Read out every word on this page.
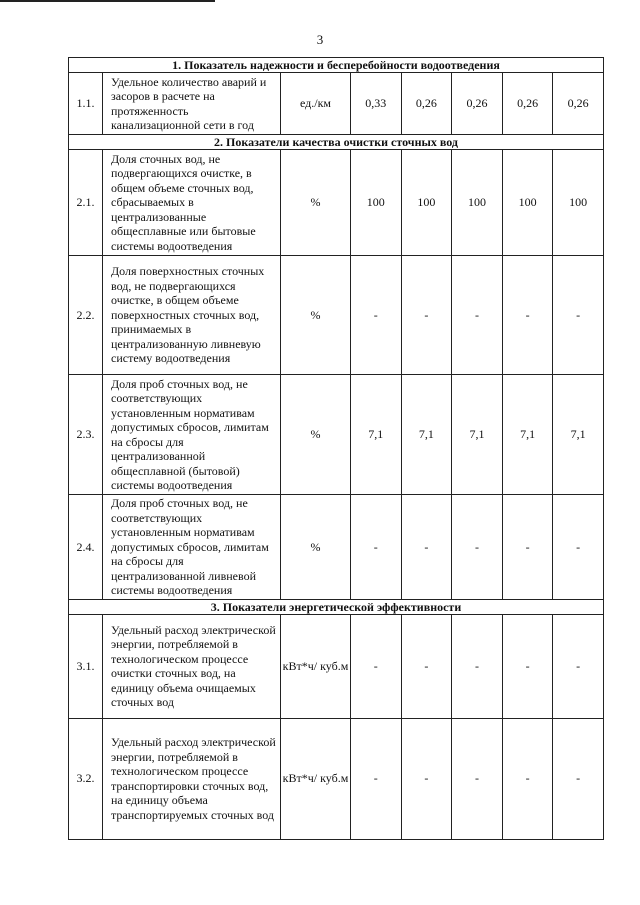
3
1. Показатель надежности и бесперебойности водоотведения							
1.1.	Удельное количество аварий и засоров в расчете на протяженность канализационной сети в год	ед./км	0,33	0,26	0,26	0,26	0,26
2. Показатели качества очистки сточных вод							
2.1.	Доля сточных вод, не подвергающихся очистке, в общем объеме сточных вод, сбрасываемых в централизованные общесплавные или бытовые системы водоотведения	%	100	100	100	100	100
2.2.	Доля поверхностных сточных вод, не подвергающихся очистке, в общем объеме поверхностных сточных вод, принимаемых в централизованную ливневую систему водоотведения	%	-	-	-	-	-
2.3.	Доля проб сточных вод, не соответствующих установленным нормативам допустимых сбросов, лимитам на сбросы для централизованной общесплавной (бытовой) системы водоотведения	%	7,1	7,1	7,1	7,1	7,1
2.4.	Доля проб сточных вод, не соответствующих установленным нормативам допустимых сбросов, лимитам на сбросы для централизованной ливневой системы водоотведения	%	-	-	-	-	-
3. Показатели энергетической эффективности							
3.1.	Удельный расход электрической энергии, потребляемой в технологическом процессе очистки сточных вод, на единицу объема очищаемых сточных вод	кВт*ч/ куб.м	-	-	-	-	-
3.2.	Удельный расход электрической энергии, потребляемой в технологическом процессе транспортировки сточных вод, на единицу объема транспортируемых сточных вод	кВт*ч/ куб.м	-	-	-	-	-
